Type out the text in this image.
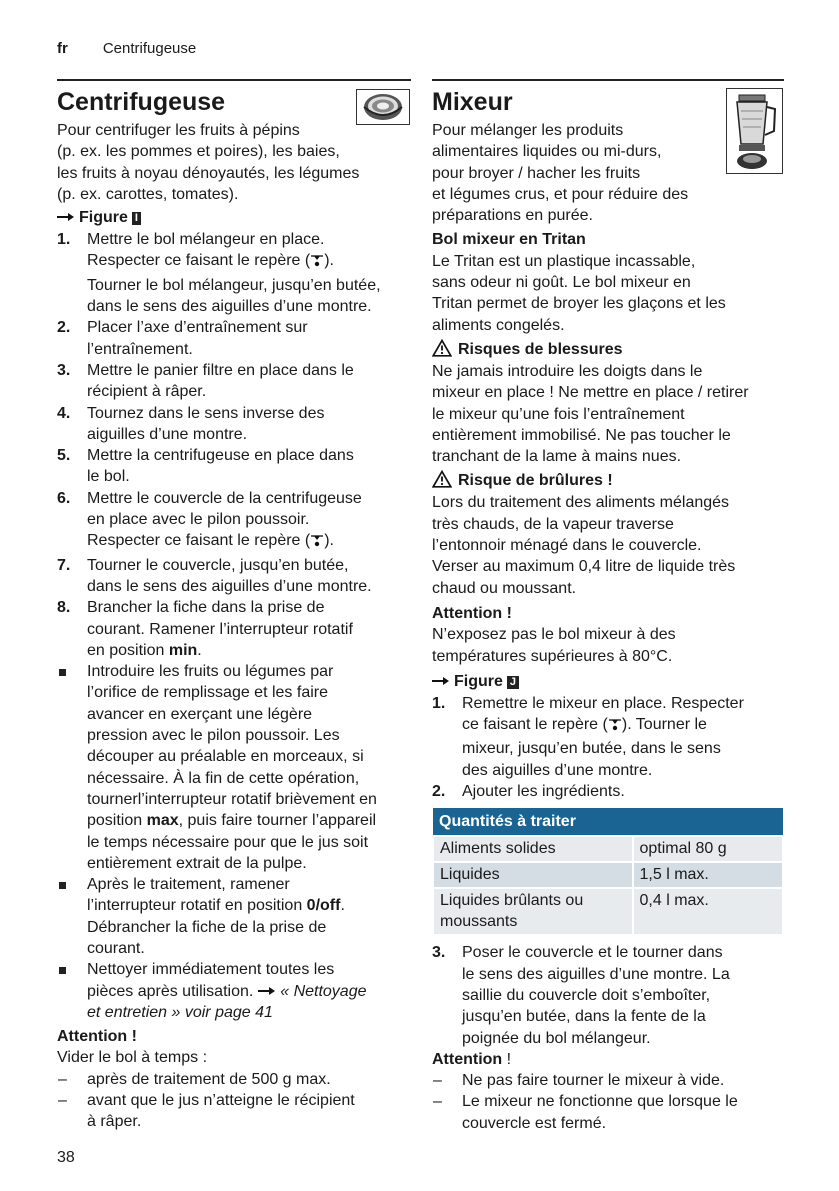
fr Centrifugeuse
Centrifugeuse

Pour centrifuger les fruits à pépins

(p. ex. les pommes et poires), les baies,

les fruits à noyau dénoyautés, les légumes

(p. ex. carottes, tomates).

Figure I
1. Mettre le bol mélangeur en place.
Respecter ce faisant le repère ( ).
Tourner le bol mélangeur, jusqu’en butée,
dans le sens des aiguilles d’une montre.
2. Placer l’axe d’entraînement sur
l’entraînement.
3. Mettre le panier filtre en place dans le
récipient à râper.
4. Tournez dans le sens inverse des
aiguilles d’une montre.
5. Mettre la centrifugeuse en place dans
le bol.
6. Mettre le couvercle de la centrifugeuse
en place avec le pilon poussoir.
Respecter ce faisant le repère ( ).
7. Tourner le couvercle, jusqu’en butée,
dans le sens des aiguilles d’une montre.
8. Brancher la fiche dans la prise de
courant. Ramener l’interrupteur rotatif
en position min.
Introduire les fruits ou légumes par
l’orifice de remplissage et les faire
avancer en exerçant une légère
pression avec le pilon poussoir. Les
découper au préalable en morceaux, si
nécessaire. À la fin de cette opération,
tournerl’interrupteur rotatif brièvement en
position max, puis faire tourner l’appareil
le temps nécessaire pour que le jus soit
entièrement extrait de la pulpe.
Après le traitement, ramener
l’interrupteur rotatif en position 0/off.
Débrancher la fiche de la prise de
courant.
Nettoyer immédiatement toutes les
pièces après utilisation.  « Nettoyage
et entretien » voir page 41
Attention !

Vider le bol à temps :

– après de traitement de 500 g max.
– avant que le jus n’atteigne le récipient
à râper.
Mixeur

Pour mélanger les produits

alimentaires liquides ou mi-durs,

pour broyer / hacher les fruits

et légumes crus, et pour réduire des

préparations en purée.

Bol mixeur en Tritan

Le Tritan est un plastique incassable,

sans odeur ni goût. Le bol mixeur en

Tritan permet de broyer les glaçons et les

aliments congelés.

Risques de blessures

Ne jamais introduire les doigts dans le

mixeur en place ! Ne mettre en place / retirer

le mixeur qu’une fois l’entraînement

entièrement immobilisé. Ne pas toucher le

tranchant de la lame à mains nues.

Risque de brûlures !

Lors du traitement des aliments mélangés

très chauds, de la vapeur traverse

l’entonnoir ménagé dans le couvercle.

Verser au maximum 0,4 litre de liquide très

chaud ou moussant.

Attention !

N’exposez pas le bol mixeur à des

températures supérieures à 80°C.

Figure J
1. Remettre le mixeur en place. Respecter
ce faisant le repère ( ). Tourner le
mixeur, jusqu’en butée, dans le sens
des aiguilles d’une montre.
2. Ajouter les ingrédients.
Quantités à traiter	
Aliments solides	optimal 80 g
Liquides	1,5 l max.
Liquides brûlants ou moussants	0,4 l max.
3. Poser le couvercle et le tourner dans
le sens des aiguilles d’une montre. La
saillie du couvercle doit s’emboîter,
jusqu’en butée, dans la fente de la
poignée du bol mélangeur.
Attention !
– Ne pas faire tourner le mixeur à vide.
– Le mixeur ne fonctionne que lorsque le
couvercle est fermé.
38
